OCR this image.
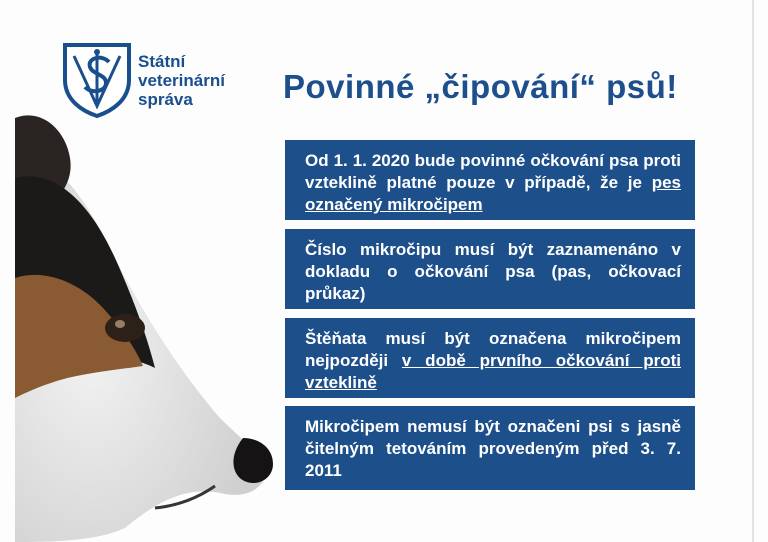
Státní
veterinární
správa	Povinné „čipování“ psů!
Od 1. 1. 2020 bude povinné očkování psa proti vzteklině platné pouze v případě, že je pes označený mikročipem
Číslo mikročipu musí být zaznamenáno v dokladu o očkování psa (pas, očkovací průkaz)
Štěňata musí být označena mikročipem nejpozději v době prvního očkování proti vzteklině
Mikročipem nemusí být označeni psi s jasně čitelným tetováním provedeným před 3. 7. 2011
